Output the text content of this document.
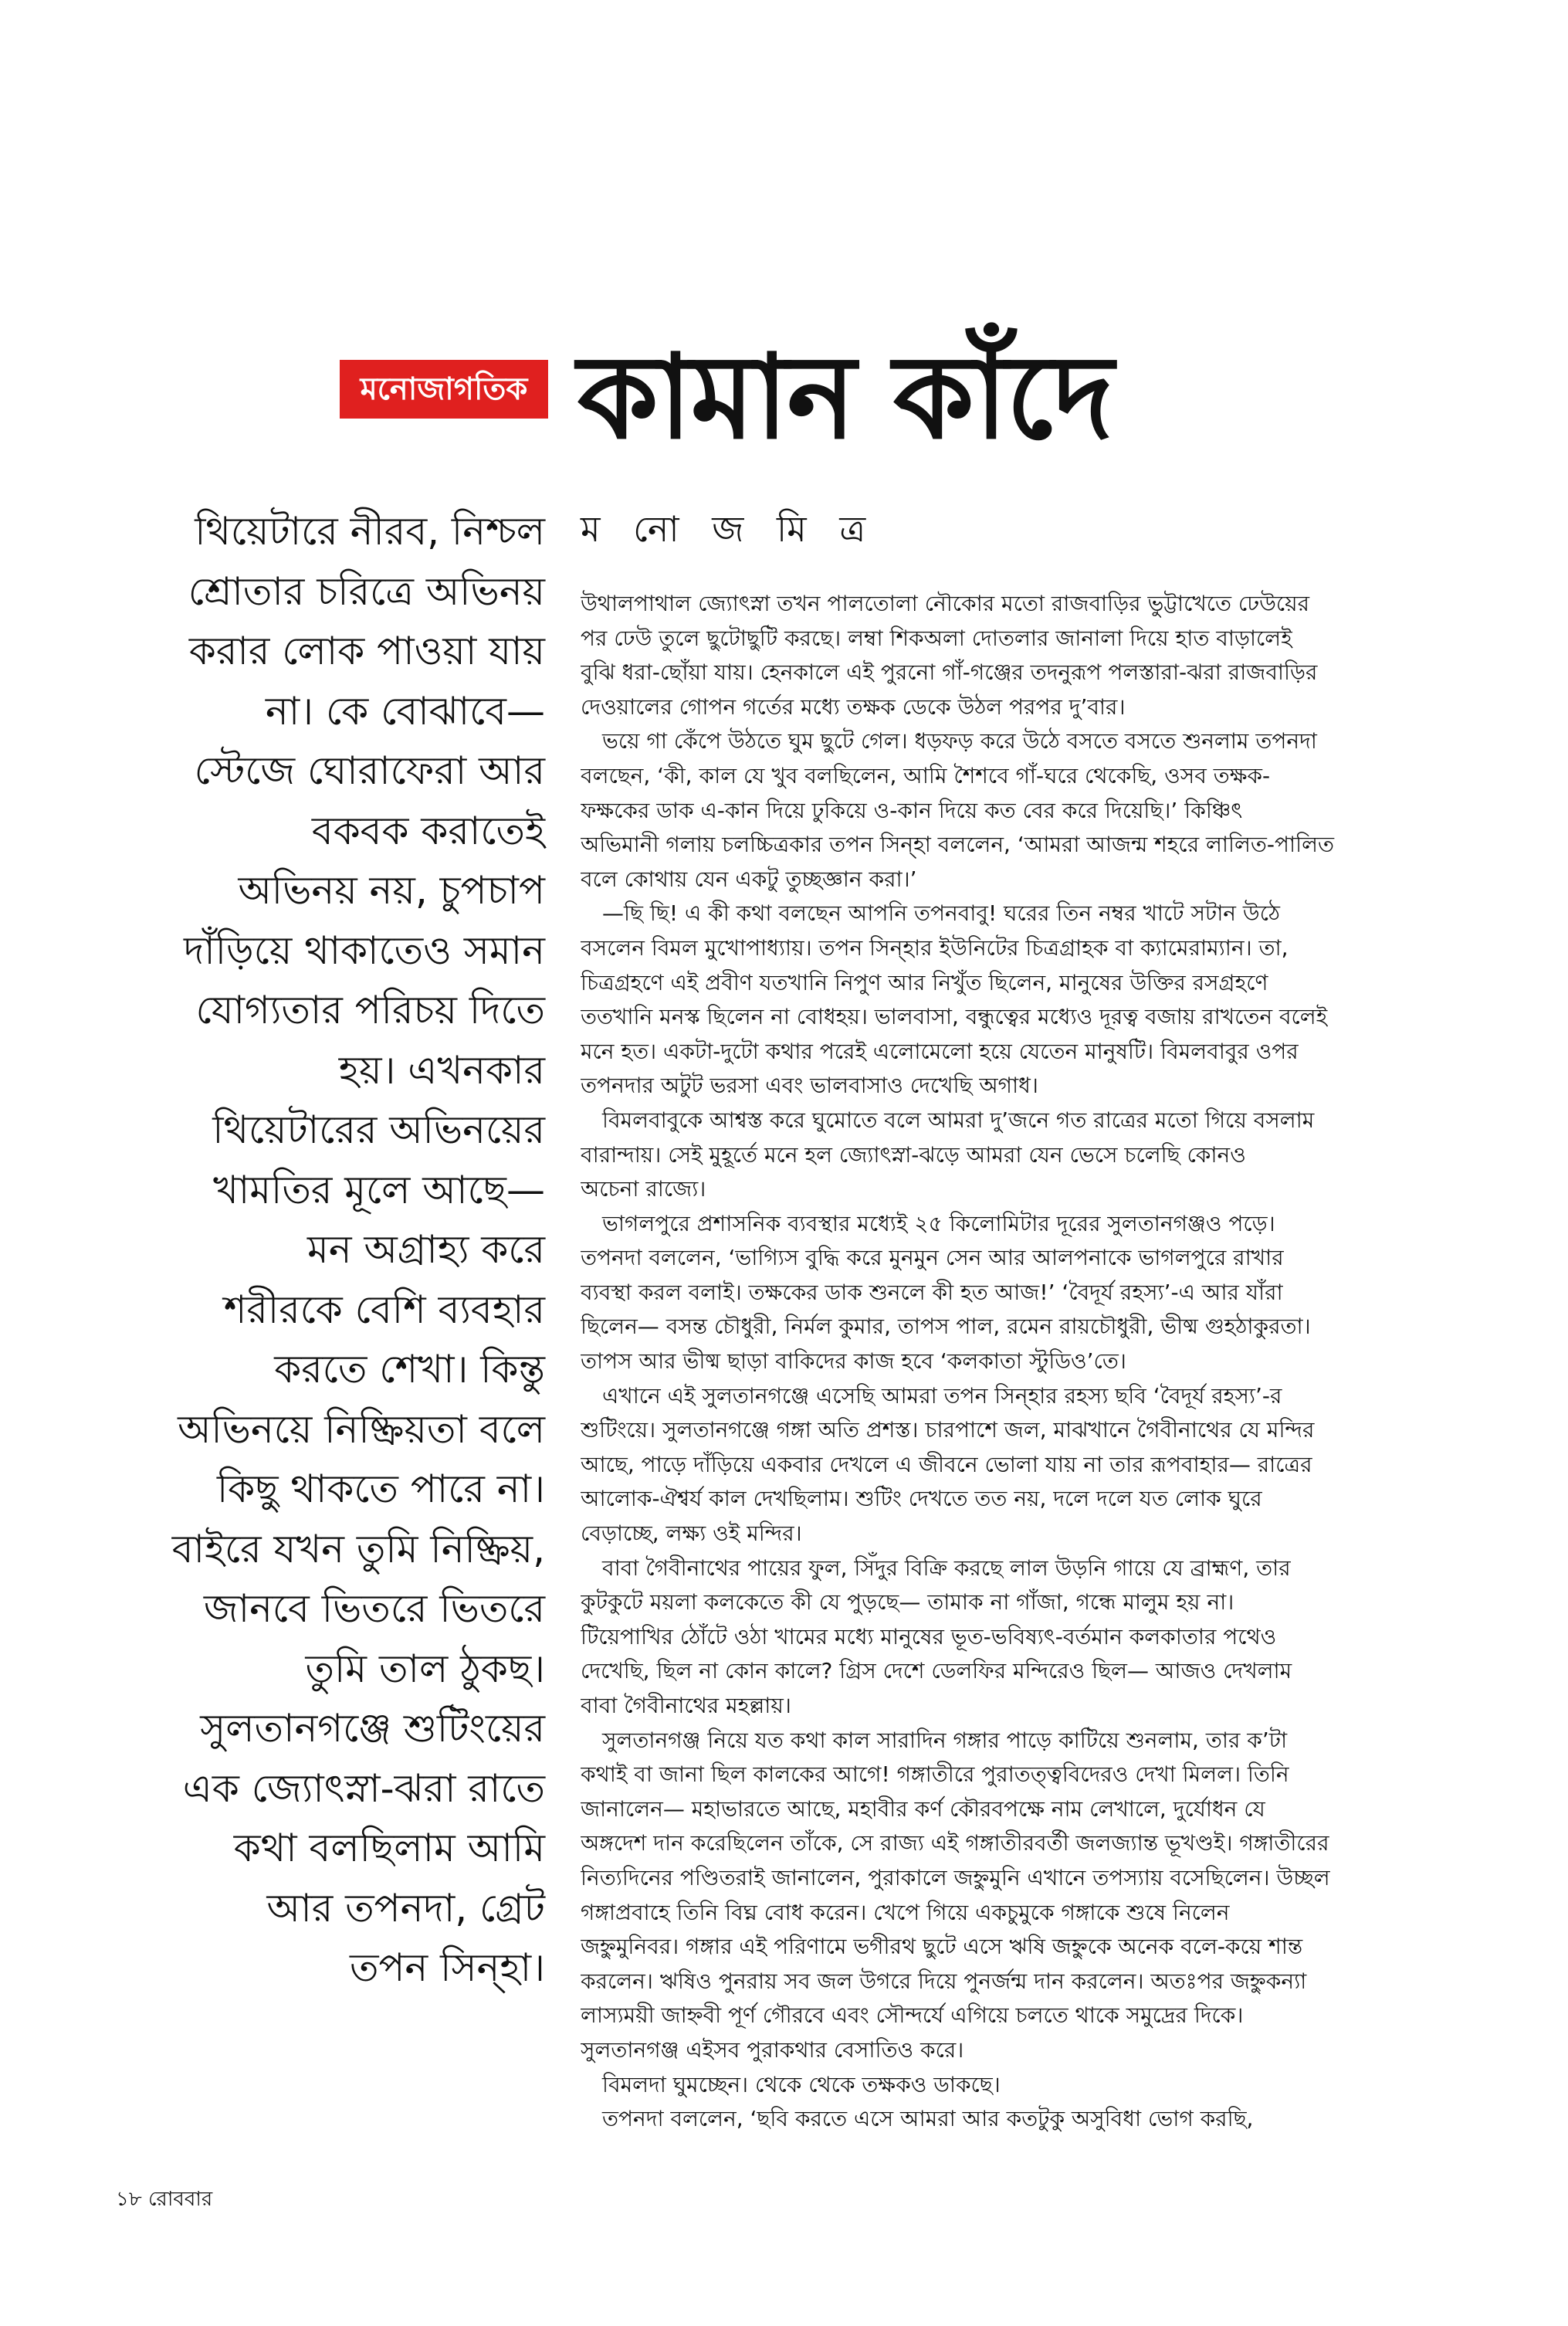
মনোজাগতিক কামান কাঁদে
থিয়েটারে নীরব, নিশ্চল
শ্রোতার চরিত্রে অভিনয়
করার লোক পাওয়া যায়
না। কে বোঝাবে—
স্টেজে ঘোরাফেরা আর
বকবক করাতেই
অভিনয় নয়, চুপচাপ
দাঁড়িয়ে থাকাতেও সমান
যোগ্যতার পরিচয় দিতে
হয়। এখনকার
থিয়েটারের অভিনয়ের
খামতির মূলে আছে—
মন অগ্রাহ্য করে
শরীরকে বেশি ব্যবহার
করতে শেখা। কিন্তু
অভিনয়ে নিষ্ক্রিয়তা বলে
কিছু থাকতে পারে না।
বাইরে যখন তুমি নিষ্ক্রিয়,
জানবে ভিতরে ভিতরে
তুমি তাল ঠুকছ।
সুলতানগঞ্জে শুটিংয়ের
এক জ্যোৎস্না-ঝরা রাতে
কথা বলছিলাম আমি
আর তপনদা, গ্রেট
তপন সিন্‌হা।
ম নো জ মি ত্র
উথালপাথাল জ্যোৎস্না তখন পালতোলা নৌকোর মতো রাজবাড়ির ভুট্টাখেতে ঢেউয়ের
পর ঢেউ তুলে ছুটোছুটি করছে। লম্বা শিকঅলা দোতলার জানালা দিয়ে হাত বাড়ালেই
বুঝি ধরা-ছোঁয়া যায়। হেনকালে এই পুরনো গাঁ-গঞ্জের তদনুরূপ পলস্তারা-ঝরা রাজবাড়ির
দেওয়ালের গোপন গর্তের মধ্যে তক্ষক ডেকে উঠল পরপর দু’বার।
ভয়ে গা কেঁপে উঠতে ঘুম ছুটে গেল। ধড়ফড় করে উঠে বসতে বসতে শুনলাম তপনদা
বলছেন, ‘কী, কাল যে খুব বলছিলেন, আমি শৈশবে গাঁ-ঘরে থেকেছি, ওসব তক্ষক-
ফক্ষকের ডাক এ-কান দিয়ে ঢুকিয়ে ও-কান দিয়ে কত বের করে দিয়েছি।’ কিঞ্চিৎ
অভিমানী গলায় চলচ্চিত্রকার তপন সিন্‌হা বললেন, ‘আমরা আজন্ম শহরে লালিত-পালিত
বলে কোথায় যেন একটু তুচ্ছজ্ঞান করা।’
—ছি ছি! এ কী কথা বলছেন আপনি তপনবাবু! ঘরের তিন নম্বর খাটে সটান উঠে
বসলেন বিমল মুখোপাধ্যায়। তপন সিন্‌হার ইউনিটের চিত্রগ্রাহক বা ক্যামেরাম্যান। তা,
চিত্রগ্রহণে এই প্রবীণ যতখানি নিপুণ আর নিখুঁত ছিলেন, মানুষের উক্তির রসগ্রহণে
ততখানি মনস্ক ছিলেন না বোধহয়। ভালবাসা, বন্ধুত্বের মধ্যেও দূরত্ব বজায় রাখতেন বলেই
মনে হত। একটা-দুটো কথার পরেই এলোমেলো হয়ে যেতেন মানুষটি। বিমলবাবুর ওপর
তপনদার অটুট ভরসা এবং ভালবাসাও দেখেছি অগাধ।
বিমলবাবুকে আশ্বস্ত করে ঘুমোতে বলে আমরা দু’জনে গত রাত্রের মতো গিয়ে বসলাম
বারান্দায়। সেই মুহূর্তে মনে হল জ্যোৎস্না-ঝড়ে আমরা যেন ভেসে চলেছি কোনও
অচেনা রাজ্যে।
ভাগলপুরে প্রশাসনিক ব্যবস্থার মধ্যেই ২৫ কিলোমিটার দূরের সুলতানগঞ্জও পড়ে।
তপনদা বললেন, ‘ভাগ্যিস বুদ্ধি করে মুনমুন সেন আর আলপনাকে ভাগলপুরে রাখার
ব্যবস্থা করল বলাই। তক্ষকের ডাক শুনলে কী হত আজ!’ ‘বৈদূর্য রহস্য’-এ আর যাঁরা
ছিলেন— বসন্ত চৌধুরী, নির্মল কুমার, তাপস পাল, রমেন রায়চৌধুরী, ভীষ্ম গুহঠাকুরতা।
তাপস আর ভীষ্ম ছাড়া বাকিদের কাজ হবে ‘কলকাতা স্টুডিও’তে।
এখানে এই সুলতানগঞ্জে এসেছি আমরা তপন সিন্‌হার রহস্য ছবি ‘বৈদূর্য রহস্য’-র
শুটিংয়ে। সুলতানগঞ্জে গঙ্গা অতি প্রশস্ত। চারপাশে জল, মাঝখানে গৈবীনাথের যে মন্দির
আছে, পাড়ে দাঁড়িয়ে একবার দেখলে এ জীবনে ভোলা যায় না তার রূপবাহার— রাত্রের
আলোক-ঐশ্বর্য কাল দেখছিলাম। শুটিং দেখতে তত নয়, দলে দলে যত লোক ঘুরে
বেড়াচ্ছে, লক্ষ্য ওই মন্দির।
বাবা গৈবীনাথের পায়ের ফুল, সিঁদুর বিক্রি করছে লাল উড়নি গায়ে যে ব্রাহ্মণ, তার
কুটকুটে ময়লা কলকেতে কী যে পুড়ছে— তামাক না গাঁজা, গন্ধে মালুম হয় না।
টিয়েপাখির ঠোঁটে ওঠা খামের মধ্যে মানুষের ভূত-ভবিষ্যৎ-বর্তমান কলকাতার পথেও
দেখেছি, ছিল না কোন কালে? গ্রিস দেশে ডেলফির মন্দিরেও ছিল— আজও দেখলাম
বাবা গৈবীনাথের মহল্লায়।
সুলতানগঞ্জ নিয়ে যত কথা কাল সারাদিন গঙ্গার পাড়ে কাটিয়ে শুনলাম, তার ক’টা
কথাই বা জানা ছিল কালকের আগে! গঙ্গাতীরে পুরাতত্ত্ববিদেরও দেখা মিলল। তিনি
জানালেন— মহাভারতে আছে, মহাবীর কর্ণ কৌরবপক্ষে নাম লেখালে, দুর্যোধন যে
অঙ্গদেশ দান করেছিলেন তাঁকে, সে রাজ্য এই গঙ্গাতীরবর্তী জলজ্যান্ত ভূখণ্ডই। গঙ্গাতীরের
নিত্যদিনের পণ্ডিতরাই জানালেন, পুরাকালে জহ্নুমুনি এখানে তপস্যায় বসেছিলেন। উচ্ছল
গঙ্গাপ্রবাহে তিনি বিঘ্ন বোধ করেন। খেপে গিয়ে একচুমুকে গঙ্গাকে শুষে নিলেন
জহ্নুমুনিবর। গঙ্গার এই পরিণামে ভগীরথ ছুটে এসে ঋষি জহ্নুকে অনেক বলে-কয়ে শান্ত
করলেন। ঋষিও পুনরায় সব জল উগরে দিয়ে পুনর্জন্ম দান করলেন। অতঃপর জহ্নুকন্যা
লাস্যময়ী জাহ্নবী পূর্ণ গৌরবে এবং সৌন্দর্যে এগিয়ে চলতে থাকে সমুদ্রের দিকে।
সুলতানগঞ্জ এইসব পুরাকথার বেসাতিও করে।
বিমলদা ঘুমচ্ছেন। থেকে থেকে তক্ষকও ডাকছে।
তপনদা বললেন, ‘ছবি করতে এসে আমরা আর কতটুকু অসুবিধা ভোগ করছি,
১৮ রোববার
